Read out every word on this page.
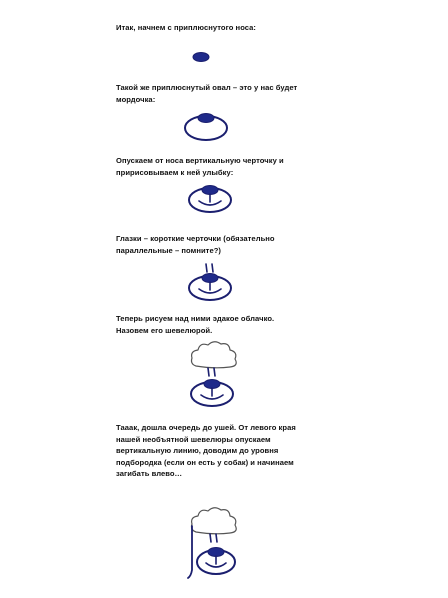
Итак, начнем с приплюснутого носа:
Такой же приплюснутый овал – это у нас будет
мордочка:
Опускаем от носа вертикальную черточку и
пририсовываем к ней улыбку:
Глазки – короткие черточки (обязательно
параллельные – помните?)
Теперь рисуем над ними эдакое облачко.
Назовем его шевелюрой.
Тааак, дошла очередь до ушей. От левого края
нашей необъятной шевелюры опускаем
вертикальную линию, доводим до уровня
подбородка (если он есть у собак) и начинаем
загибать влево…
